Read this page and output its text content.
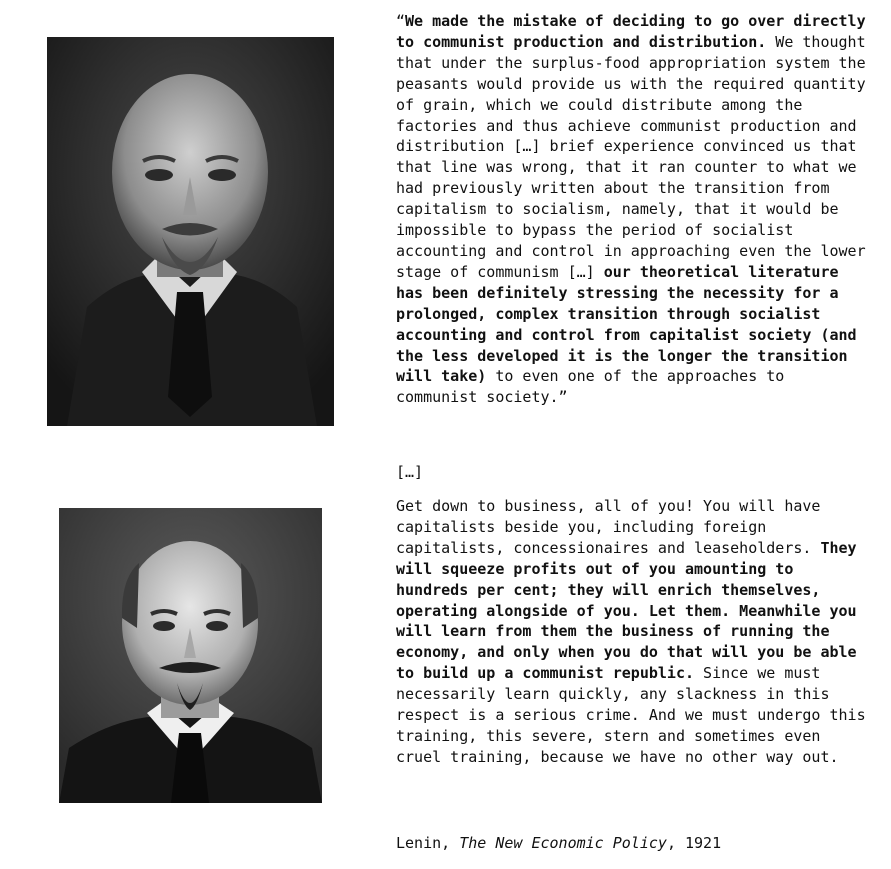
“We made the mistake of deciding to go over directly to communist production and distribution. We thought that under the surplus-food appropriation system the peasants would provide us with the required quantity of grain, which we could distribute among the factories and thus achieve communist production and distribution […] brief experience convinced us that that line was wrong, that it ran counter to what we had previously written about the transition from capitalism to socialism, namely, that it would be impossible to bypass the period of socialist accounting and control in approaching even the lower stage of communism […] our theoretical literature has been definitely stressing the necessity for a prolonged, complex transition through socialist accounting and control from capitalist society (and the less developed it is the longer the transition will take) to even one of the approaches to communist society.”

[…]

Get down to business, all of you! You will have capitalists beside you, including foreign capitalists, concessionaires and leaseholders. They will squeeze profits out of you amounting to hundreds per cent; they will enrich themselves, operating alongside of you. Let them. Meanwhile you will learn from them the business of running the economy, and only when you do that will you be able to build up a communist republic. Since we must necessarily learn quickly, any slackness in this respect is a serious crime. And we must undergo this training, this severe, stern and sometimes even cruel training, because we have no other way out.

Lenin, The New Economic Policy, 1921
